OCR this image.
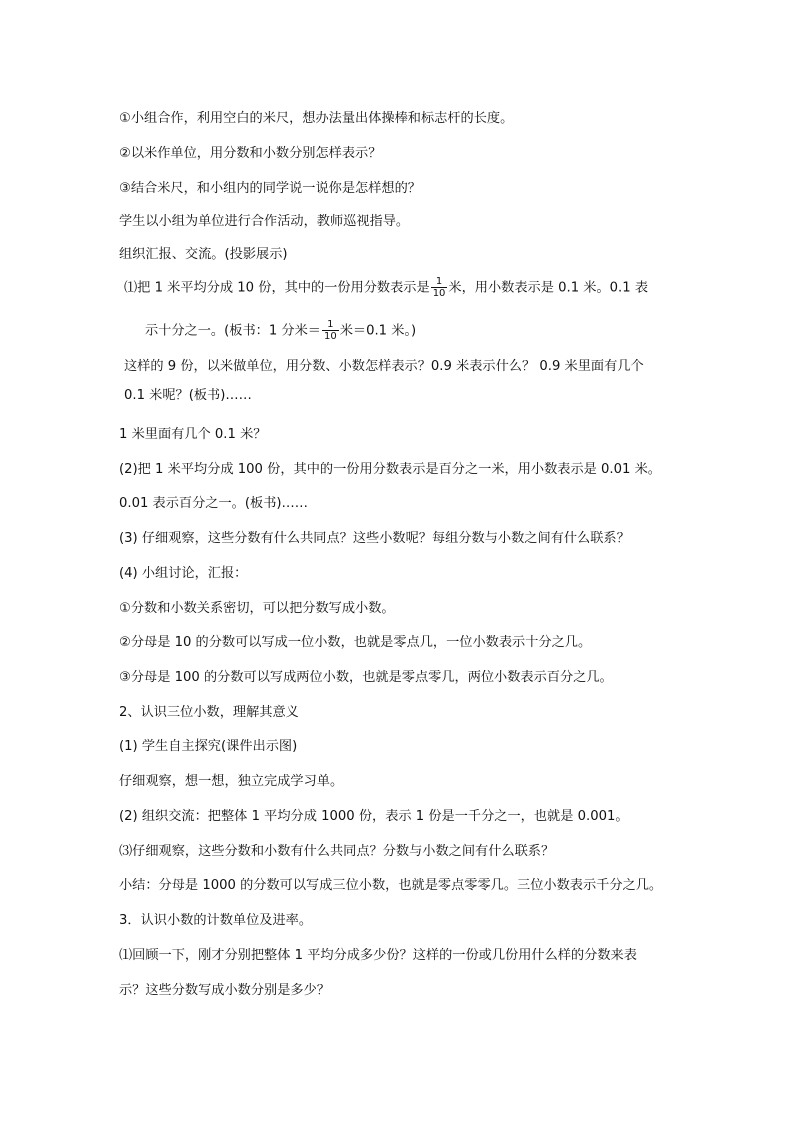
①小组合作，利用空白的米尺，想办法量出体操棒和标志杆的长度。

②以米作单位，用分数和小数分别怎样表示？

③结合米尺，和小组内的同学说一说你是怎样想的？

学生以小组为单位进行合作活动，教师巡视指导。

组织汇报、交流。(投影展示)

⑴把 1 米平均分成 10 份，其中的一份用分数表示是 $\frac{1}{10}$ 米，用小数表示是 0.1 米。0.1 表

示十分之一。(板书：1 分米＝ $\frac{1}{10}$ 米＝0.1 米。)

这样的 9 份，以米做单位，用分数、小数怎样表示？0.9 米表示什么？ 0.9 米里面有几个

0.1 米呢？(板书)……

1 米里面有几个 0.1 米？

(2)把 1 米平均分成 100 份，其中的一份用分数表示是百分之一米，用小数表示是 0.01 米。

0.01 表示百分之一。(板书)……

(3) 仔细观察，这些分数有什么共同点？这些小数呢？每组分数与小数之间有什么联系？

(4) 小组讨论，汇报：

①分数和小数关系密切，可以把分数写成小数。

②分母是 10 的分数可以写成一位小数，也就是零点几，一位小数表示十分之几。

③分母是 100 的分数可以写成两位小数，也就是零点零几，两位小数表示百分之几。

2、认识三位小数，理解其意义

(1) 学生自主探究(课件出示图)

仔细观察，想一想，独立完成学习单。

(2) 组织交流：把整体 1 平均分成 1000 份，表示 1 份是一千分之一，也就是 0.001。

⑶仔细观察，这些分数和小数有什么共同点？分数与小数之间有什么联系？

小结：分母是 1000 的分数可以写成三位小数，也就是零点零零几。三位小数表示千分之几。

3．认识小数的计数单位及进率。

⑴回顾一下，刚才分别把整体 1 平均分成多少份？这样的一份或几份用什么样的分数来表

示？这些分数写成小数分别是多少？
